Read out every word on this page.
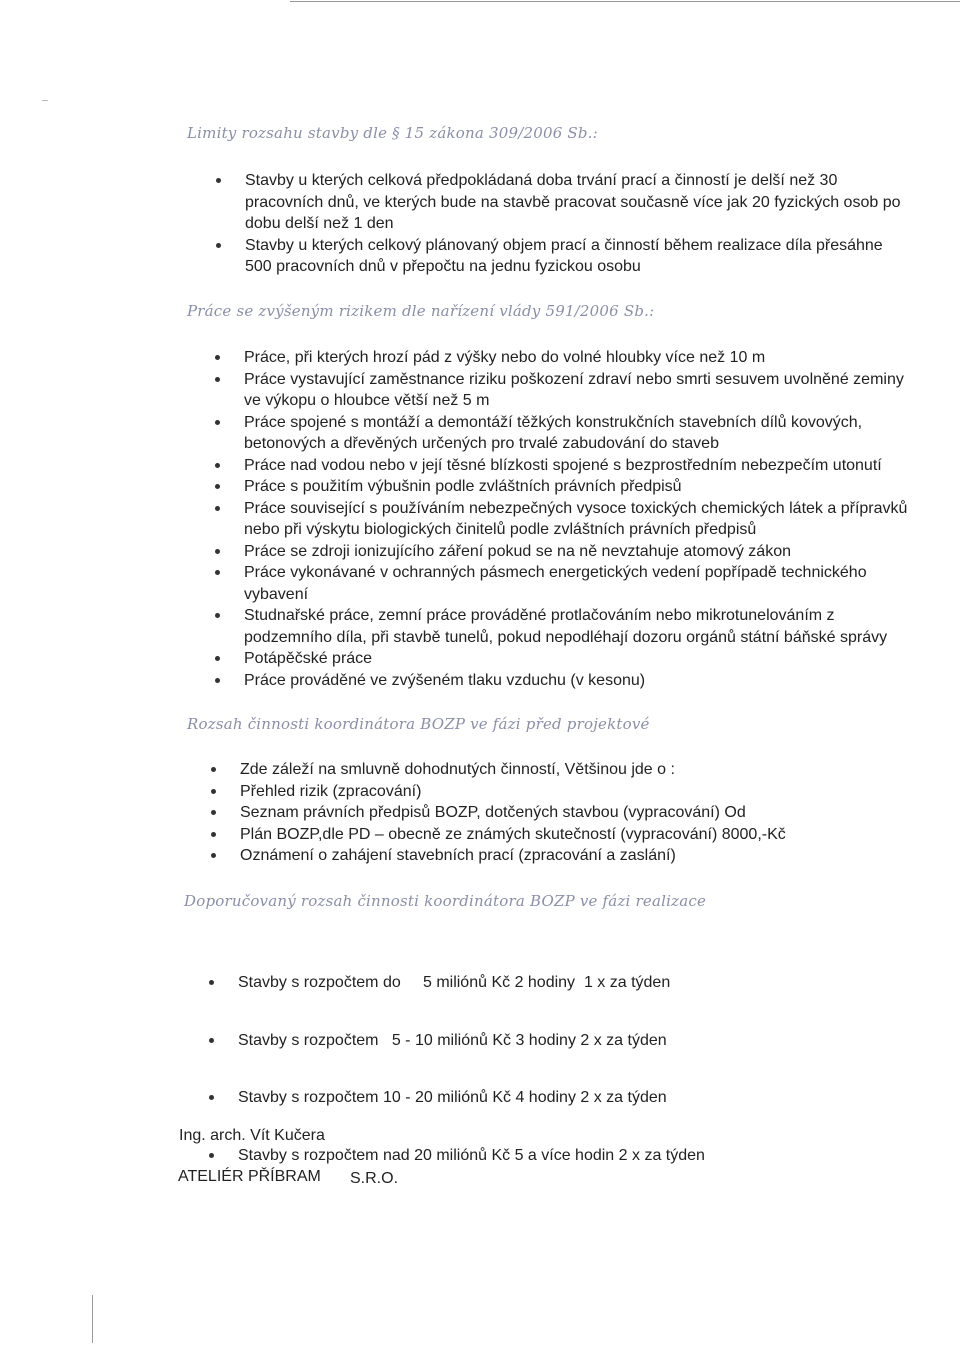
Limity rozsahu stavby dle § 15 zákona 309/2006 Sb.:
Stavby u kterých celková předpokládaná doba trvání prací a činností je delší než 30 pracovních dnů, ve kterých bude na stavbě pracovat současně více jak 20 fyzických osob po dobu delší než 1 den
Stavby u kterých celkový plánovaný objem prací a činností během realizace díla přesáhne 500 pracovních dnů v přepočtu na jednu fyzickou osobu
Práce se zvýšeným rizikem dle nařízení vlády 591/2006 Sb.:
Práce, při kterých hrozí pád z výšky nebo do volné hloubky více než 10 m
Práce vystavující zaměstnance riziku poškození zdraví nebo smrti sesuvem uvolněné zeminy ve výkopu o hloubce větší než 5 m
Práce spojené s montáží a demontáží těžkých konstrukčních stavebních dílů kovových, betonových a dřevěných určených pro trvalé zabudování do staveb
Práce nad vodou nebo v její těsné blízkosti spojené s bezprostředním nebezpečím utonutí
Práce s použitím výbušnin podle zvláštních právních předpisů
Práce související s používáním nebezpečných vysoce toxických chemických látek a přípravků nebo při výskytu biologických činitelů podle zvláštních právních předpisů
Práce se zdroji ionizujícího záření pokud se na ně nevztahuje atomový zákon
Práce vykonávané v ochranných pásmech energetických vedení popřípadě technického vybavení
Studnařské práce, zemní práce prováděné protlačováním nebo mikrotunelováním z podzemního díla, při stavbě tunelů, pokud nepodléhají dozoru orgánů státní báňské správy
Potápěčské práce
Práce prováděné ve zvýšeném tlaku vzduchu (v kesonu)
Rozsah činnosti koordinátora BOZP ve fázi před projektové
Zde záleží na smluvně dohodnutých činností, Většinou jde o :
Přehled rizik (zpracování)
Seznam právních předpisů BOZP, dotčených stavbou (vypracování) Od
Plán BOZP,dle PD – obecně ze známých skutečností (vypracování) 8000,-Kč
Oznámení o zahájení stavebních prací (zpracování a zaslání)
Doporučovaný rozsah činnosti koordinátora BOZP ve fázi realizace

Stavby s rozpočtem do     5 miliónů Kč 2 hodiny  1 x za týden

Stavby s rozpočtem   5 - 10 miliónů Kč 3 hodiny 2 x za týden

Stavby s rozpočtem 10 - 20 miliónů Kč 4 hodiny 2 x za týden

Stavby s rozpočtem nad 20 miliónů Kč 5 a více hodin 2 x za týden

Ing. arch. Vít Kučera

ATELIÉR PŘÍBRAM S.R.O.
